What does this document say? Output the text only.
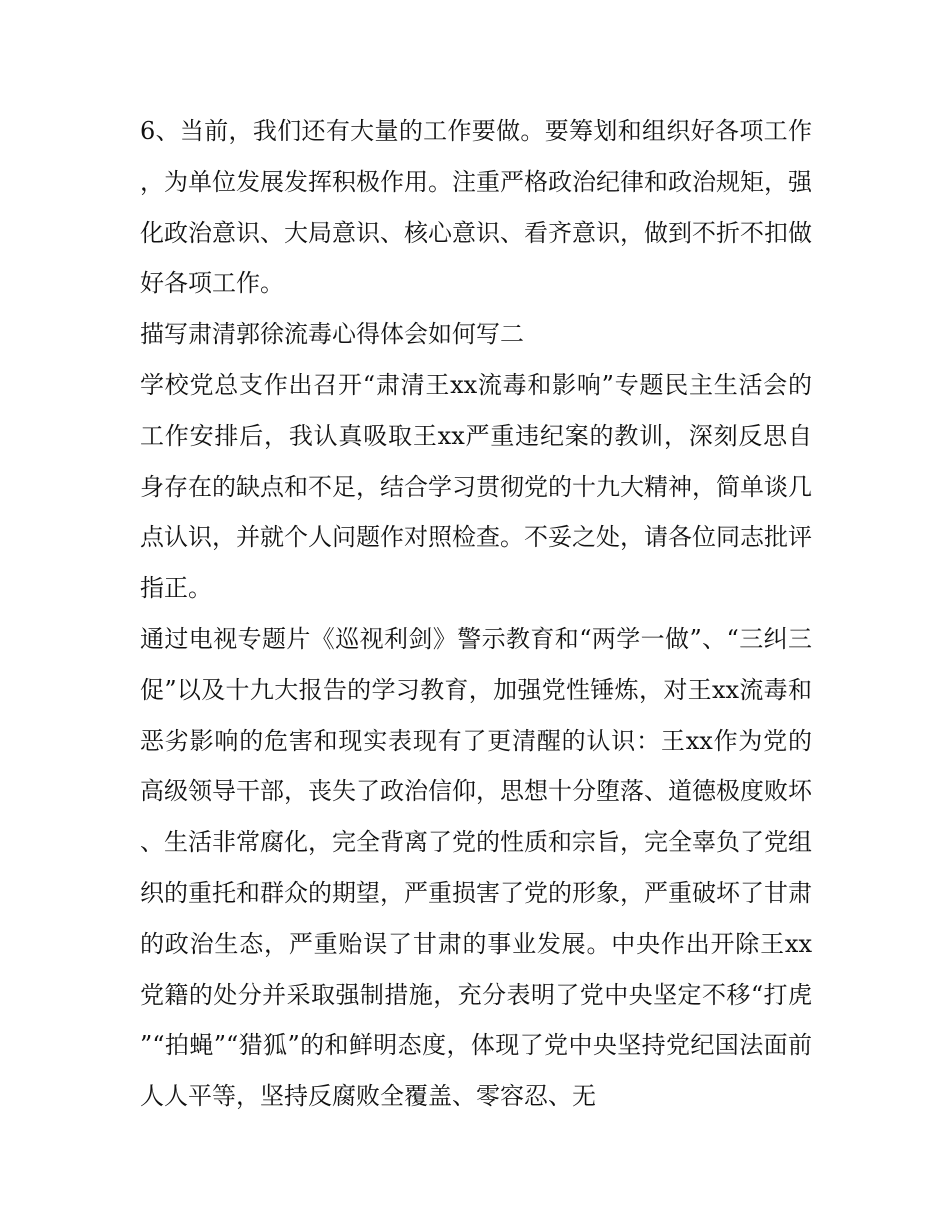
6、当前，我们还有大量的工作要做。要筹划和组织好各项工作，为单位发展发挥积极作用。注重严格政治纪律和政治规矩，强化政治意识、大局意识、核心意识、看齐意识，做到不折不扣做好各项工作。

描写肃清郭徐流毒心得体会如何写二

学校党总支作出召开“肃清王xx流毒和影响”专题民主生活会的工作安排后，我认真吸取王xx严重违纪案的教训，深刻反思自身存在的缺点和不足，结合学习贯彻党的十九大精神，简单谈几点认识，并就个人问题作对照检查。不妥之处，请各位同志批评指正。

通过电视专题片《巡视利剑》警示教育和“两学一做”、“三纠三促”以及十九大报告的学习教育，加强党性锤炼，对王xx流毒和恶劣影响的危害和现实表现有了更清醒的认识：王xx作为党的高级领导干部，丧失了政治信仰，思想十分堕落、道德极度败坏、生活非常腐化，完全背离了党的性质和宗旨，完全辜负了党组织的重托和群众的期望，严重损害了党的形象，严重破坏了甘肃的政治生态，严重贻误了甘肃的事业发展。中央作出开除王xx党籍的处分并采取强制措施，充分表明了党中央坚定不移“打虎”“拍蝇”“猎狐”的和鲜明态度，体现了党中央坚持党纪国法面前人人平等，坚持反腐败全覆盖、零容忍、无
